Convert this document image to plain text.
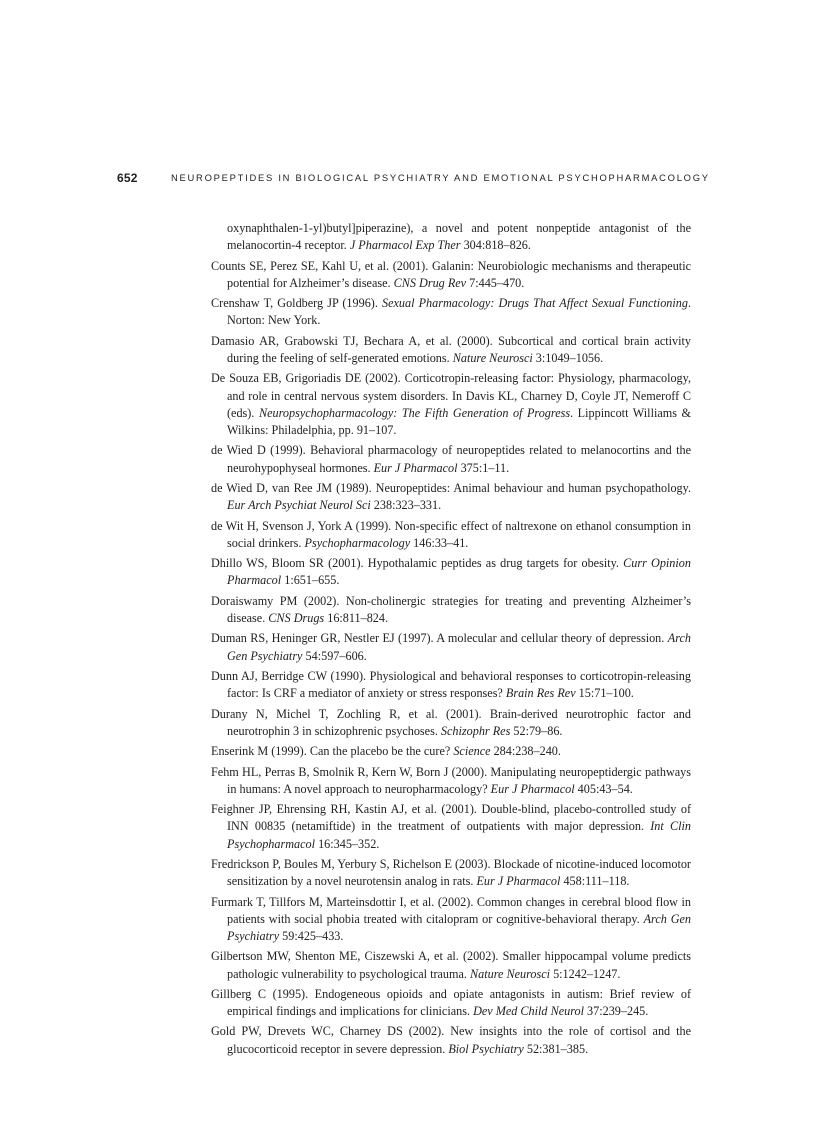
652	NEUROPEPTIDES IN BIOLOGICAL PSYCHIATRY AND EMOTIONAL PSYCHOPHARMACOLOGY
oxynaphthalen-1-yl)butyl]piperazine), a novel and potent nonpeptide antagonist of the melanocortin-4 receptor. J Pharmacol Exp Ther 304:818–826.
Counts SE, Perez SE, Kahl U, et al. (2001). Galanin: Neurobiologic mechanisms and therapeutic potential for Alzheimer’s disease. CNS Drug Rev 7:445–470.
Crenshaw T, Goldberg JP (1996). Sexual Pharmacology: Drugs That Affect Sexual Functioning. Norton: New York.
Damasio AR, Grabowski TJ, Bechara A, et al. (2000). Subcortical and cortical brain activity during the feeling of self-generated emotions. Nature Neurosci 3:1049–1056.
De Souza EB, Grigoriadis DE (2002). Corticotropin-releasing factor: Physiology, pharmacology, and role in central nervous system disorders. In Davis KL, Charney D, Coyle JT, Nemeroff C (eds). Neuropsychopharmacology: The Fifth Generation of Progress. Lippincott Williams & Wilkins: Philadelphia, pp. 91–107.
de Wied D (1999). Behavioral pharmacology of neuropeptides related to melanocortins and the neurohypophyseal hormones. Eur J Pharmacol 375:1–11.
de Wied D, van Ree JM (1989). Neuropeptides: Animal behaviour and human psychopathology. Eur Arch Psychiat Neurol Sci 238:323–331.
de Wit H, Svenson J, York A (1999). Non-specific effect of naltrexone on ethanol consumption in social drinkers. Psychopharmacology 146:33–41.
Dhillo WS, Bloom SR (2001). Hypothalamic peptides as drug targets for obesity. Curr Opinion Pharmacol 1:651–655.
Doraiswamy PM (2002). Non-cholinergic strategies for treating and preventing Alzheimer’s disease. CNS Drugs 16:811–824.
Duman RS, Heninger GR, Nestler EJ (1997). A molecular and cellular theory of depression. Arch Gen Psychiatry 54:597–606.
Dunn AJ, Berridge CW (1990). Physiological and behavioral responses to corticotropin-releasing factor: Is CRF a mediator of anxiety or stress responses? Brain Res Rev 15:71–100.
Durany N, Michel T, Zochling R, et al. (2001). Brain-derived neurotrophic factor and neurotrophin 3 in schizophrenic psychoses. Schizophr Res 52:79–86.
Enserink M (1999). Can the placebo be the cure? Science 284:238–240.
Fehm HL, Perras B, Smolnik R, Kern W, Born J (2000). Manipulating neuropeptidergic pathways in humans: A novel approach to neuropharmacology? Eur J Pharmacol 405:43–54.
Feighner JP, Ehrensing RH, Kastin AJ, et al. (2001). Double-blind, placebo-controlled study of INN 00835 (netamiftide) in the treatment of outpatients with major depression. Int Clin Psychopharmacol 16:345–352.
Fredrickson P, Boules M, Yerbury S, Richelson E (2003). Blockade of nicotine-induced locomotor sensitization by a novel neurotensin analog in rats. Eur J Pharmacol 458:111–118.
Furmark T, Tillfors M, Marteinsdottir I, et al. (2002). Common changes in cerebral blood flow in patients with social phobia treated with citalopram or cognitive-behavioral therapy. Arch Gen Psychiatry 59:425–433.
Gilbertson MW, Shenton ME, Ciszewski A, et al. (2002). Smaller hippocampal volume predicts pathologic vulnerability to psychological trauma. Nature Neurosci 5:1242–1247.
Gillberg C (1995). Endogeneous opioids and opiate antagonists in autism: Brief review of empirical findings and implications for clinicians. Dev Med Child Neurol 37:239–245.
Gold PW, Drevets WC, Charney DS (2002). New insights into the role of cortisol and the glucocorticoid receptor in severe depression. Biol Psychiatry 52:381–385.
